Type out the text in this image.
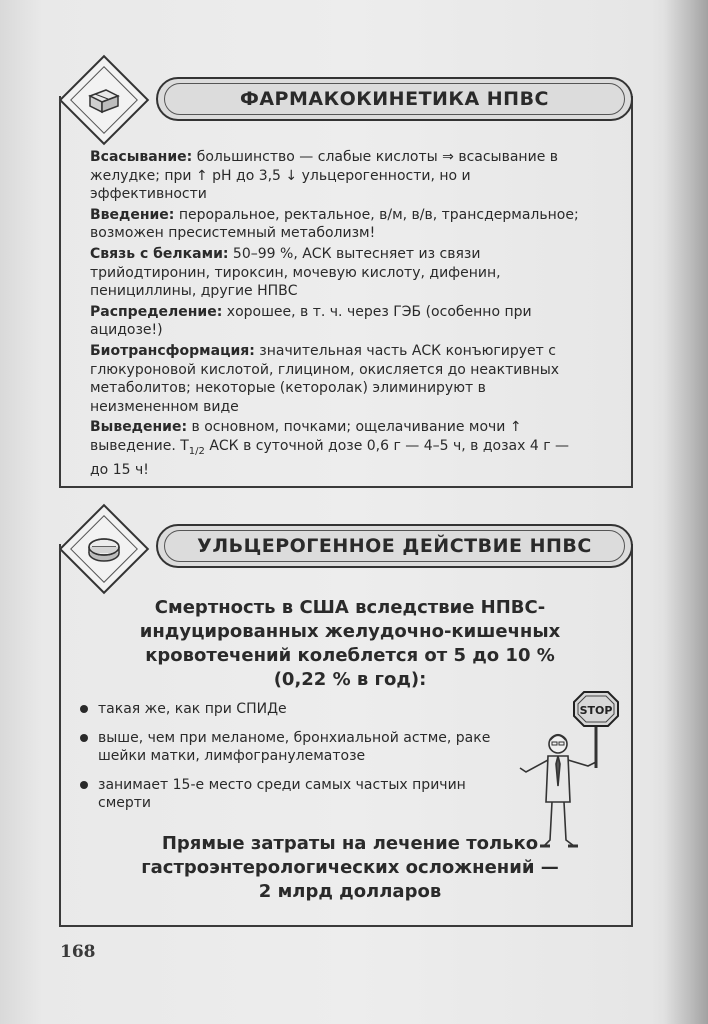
ФАРМАКОКИНЕТИКА НПВС

Всасывание: большинство — слабые кислоты ⇒ всасывание в желудке; при ↑ pH до 3,5 ↓ ульцерогенности, но и эффективности

Введение: пероральное, ректальное, в/м, в/в, трансдермальное; возможен пресистемный метаболизм!

Связь с белками: 50–99 %, АСК вытесняет из связи трийодтиронин, тироксин, мочевую кислоту, дифенин, пенициллины, другие НПВС

Распределение: хорошее, в т. ч. через ГЭБ (особенно при ацидозе!)

Биотрансформация: значительная часть АСК конъюгирует с глюкуроновой кислотой, глицином, окисляется до неактивных метаболитов; некоторые (кеторолак) элиминируют в неизмененном виде

Выведение: в основном, почками; ощелачивание мочи ↑ выведение. $T_{1/2}$ АСК в суточной дозе 0,6 г — 4–5 ч, в дозах 4 г — до 15 ч!

УЛЬЦЕРОГЕННОЕ ДЕЙСТВИЕ НПВС
Смертность в США вследствие НПВС-
индуцированных желудочно-кишечных
кровотечений колеблется от 5 до 10 %
(0,22 % в год):
такая же, как при СПИДе
выше, чем при меланоме, бронхиальной астме, раке шейки матки, лимфогранулематозе
занимает 15-е место среди самых частых причин смерти
STOP
Прямые затраты на лечение только
гастроэнтерологических осложнений —
2 млрд долларов
168
